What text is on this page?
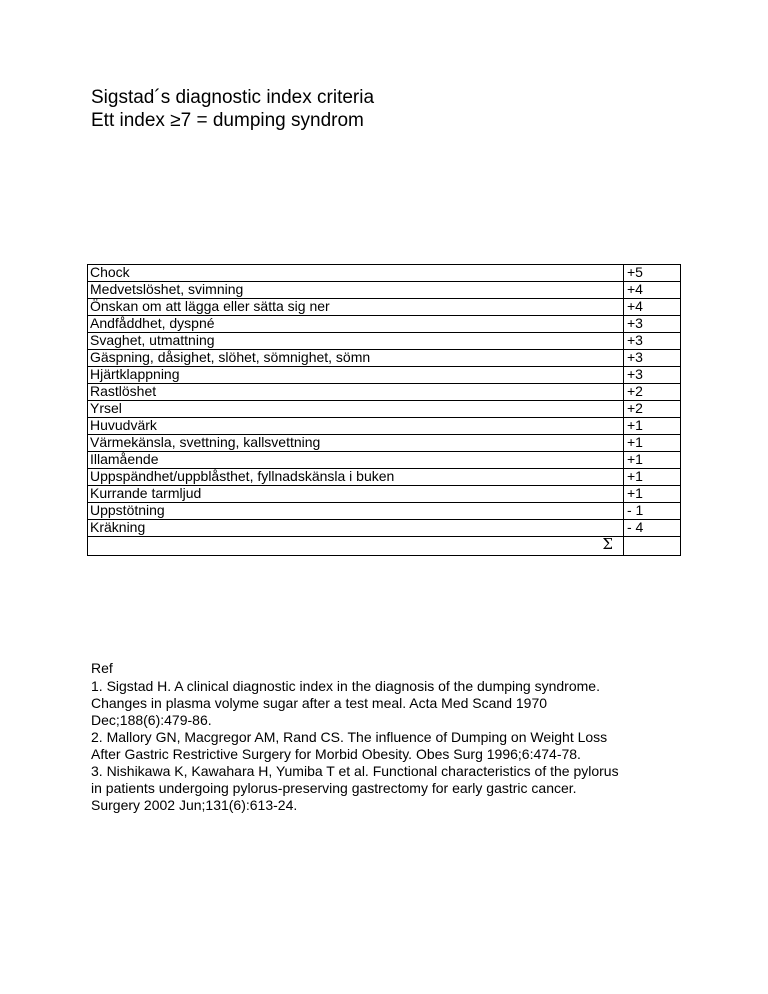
Sigstad´s diagnostic index criteria
Ett index ≥7 = dumping syndrom
Chock	+5
Medvetslöshet, svimning	+4
Önskan om att lägga eller sätta sig ner	+4
Andfåddhet, dyspné	+3
Svaghet, utmattning	+3
Gäspning, dåsighet, slöhet, sömnighet, sömn	+3
Hjärtklappning	+3
Rastlöshet	+2
Yrsel	+2
Huvudvärk	+1
Värmekänsla, svettning, kallsvettning	+1
Illamående	+1
Uppspändhet/uppblåsthet, fyllnadskänsla i buken	+1
Kurrande tarmljud	+1
Uppstötning	- 1
Kräkning	- 4
Σ	
Ref
1. Sigstad H. A clinical diagnostic index in the diagnosis of the dumping syndrome.
Changes in plasma volyme sugar after a test meal. Acta Med Scand 1970
Dec;188(6):479-86.
2. Mallory GN, Macgregor AM, Rand CS. The influence of Dumping on Weight Loss
After Gastric Restrictive Surgery for Morbid Obesity. Obes Surg 1996;6:474-78.
3. Nishikawa K, Kawahara H, Yumiba T et al. Functional characteristics of the pylorus
in patients undergoing pylorus-preserving gastrectomy for early gastric cancer.
Surgery 2002 Jun;131(6):613-24.
